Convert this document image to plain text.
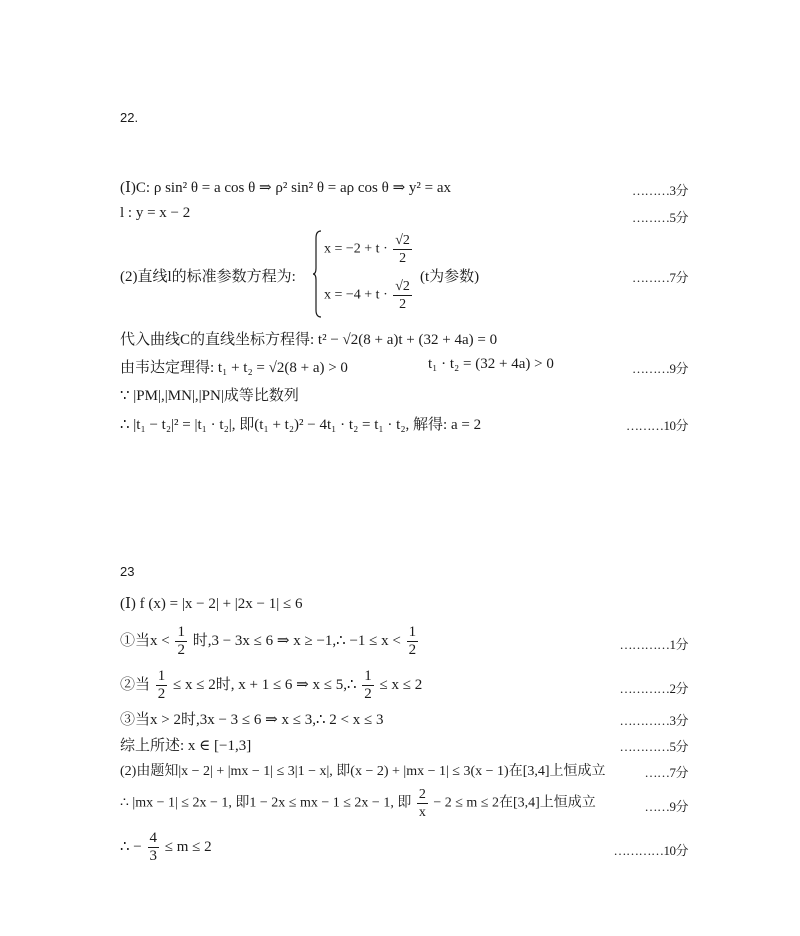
22.
(Ⅰ)C: ρ sin² θ = a cos θ ⇒ ρ² sin² θ = aρ cos θ ⇒ y² = ax	………3分
l : y = x − 2	………5分
(2)直线l的标准参数方程为:
$x = -2 + t \cdot \frac{√2}{2}$
$x = -4 + t \cdot \frac{√2}{2}$
(t为参数)	………7分
代入曲线C的直线坐标方程得: t² − √2(8 + a)t + (32 + 4a) = 0
由韦达定理得: t₁ + t₂ = √2(8 + a) > 0	t₁ · t₂ = (32 + 4a) > 0	………9分
∵ |PM|,|MN|,|PN|成等比数列
∴ |t₁ − t₂|² = |t₁ · t₂|, 即(t₁ + t₂)² − 4t₁ · t₂ = t₁ · t₂, 解得: a = 2	………10分
23
(Ⅰ) f (x) = |x − 2| + |2x − 1| ≤ 6
①当$x < \frac{1}{2}$ 时,3 − 3x ≤ 6 ⇒ x ≥ −1,∴ $-1 \le x < \frac{1}{2}$	…………1分
②当 $\frac{1}{2} \le x \le 2$时, x + 1 ≤ 6 ⇒ x ≤ 5,∴ $\frac{1}{2} \le x \le 2$	…………2分
③当x > 2时,3x − 3 ≤ 6 ⇒ x ≤ 3,∴ 2 < x ≤ 3	…………3分
综上所述: x ∈ [−1,3]	…………5分
(2)由题知|x − 2| + |mx − 1| ≤ 3|1 − x|, 即(x − 2) + |mx − 1| ≤ 3(x − 1)在[3,4]上恒成立	……7分
∴ |mx − 1| ≤ 2x − 1, 即1 − 2x ≤ mx − 1 ≤ 2x − 1, 即 $\frac{2}{x} - 2 \le m \le 2$在[3,4]上恒成立	……9分
∴ − $\frac{4}{3} \le m \le 2$	…………10分
